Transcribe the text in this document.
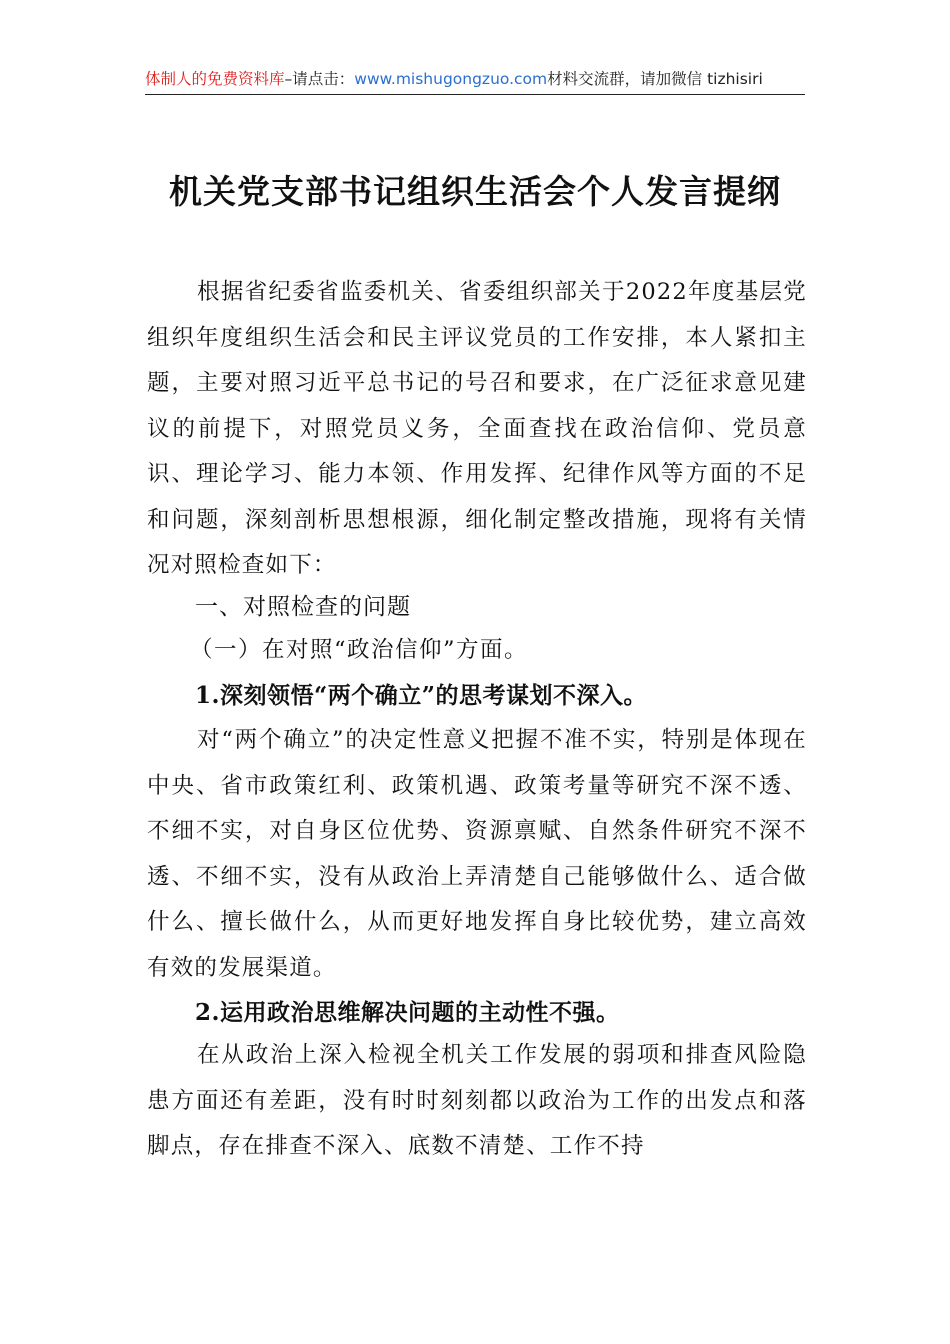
体制人的免费资料库–请点击：www.mishugongzuo.com材料交流群，请加微信 tizhisiri
机关党支部书记组织生活会个人发言提纲

根据省纪委省监委机关、省委组织部关于2022年度基层党组织年度组织生活会和民主评议党员的工作安排，本人紧扣主题，主要对照习近平总书记的号召和要求，在广泛征求意见建议的前提下，对照党员义务，全面查找在政治信仰、党员意识、理论学习、能力本领、作用发挥、纪律作风等方面的不足和问题，深刻剖析思想根源，细化制定整改措施，现将有关情况对照检查如下：

一、对照检查的问题
（一）在对照“政治信仰”方面。
1.深刻领悟“两个确立”的思考谋划不深入。

对“两个确立”的决定性意义把握不准不实，特别是体现在中央、省市政策红利、政策机遇、政策考量等研究不深不透、不细不实，对自身区位优势、资源禀赋、自然条件研究不深不透、不细不实，没有从政治上弄清楚自己能够做什么、适合做什么、擅长做什么，从而更好地发挥自身比较优势，建立高效有效的发展渠道。

2.运用政治思维解决问题的主动性不强。

在从政治上深入检视全机关工作发展的弱项和排查风险隐患方面还有差距，没有时时刻刻都以政治为工作的出发点和落脚点，存在排查不深入、底数不清楚、工作不持
